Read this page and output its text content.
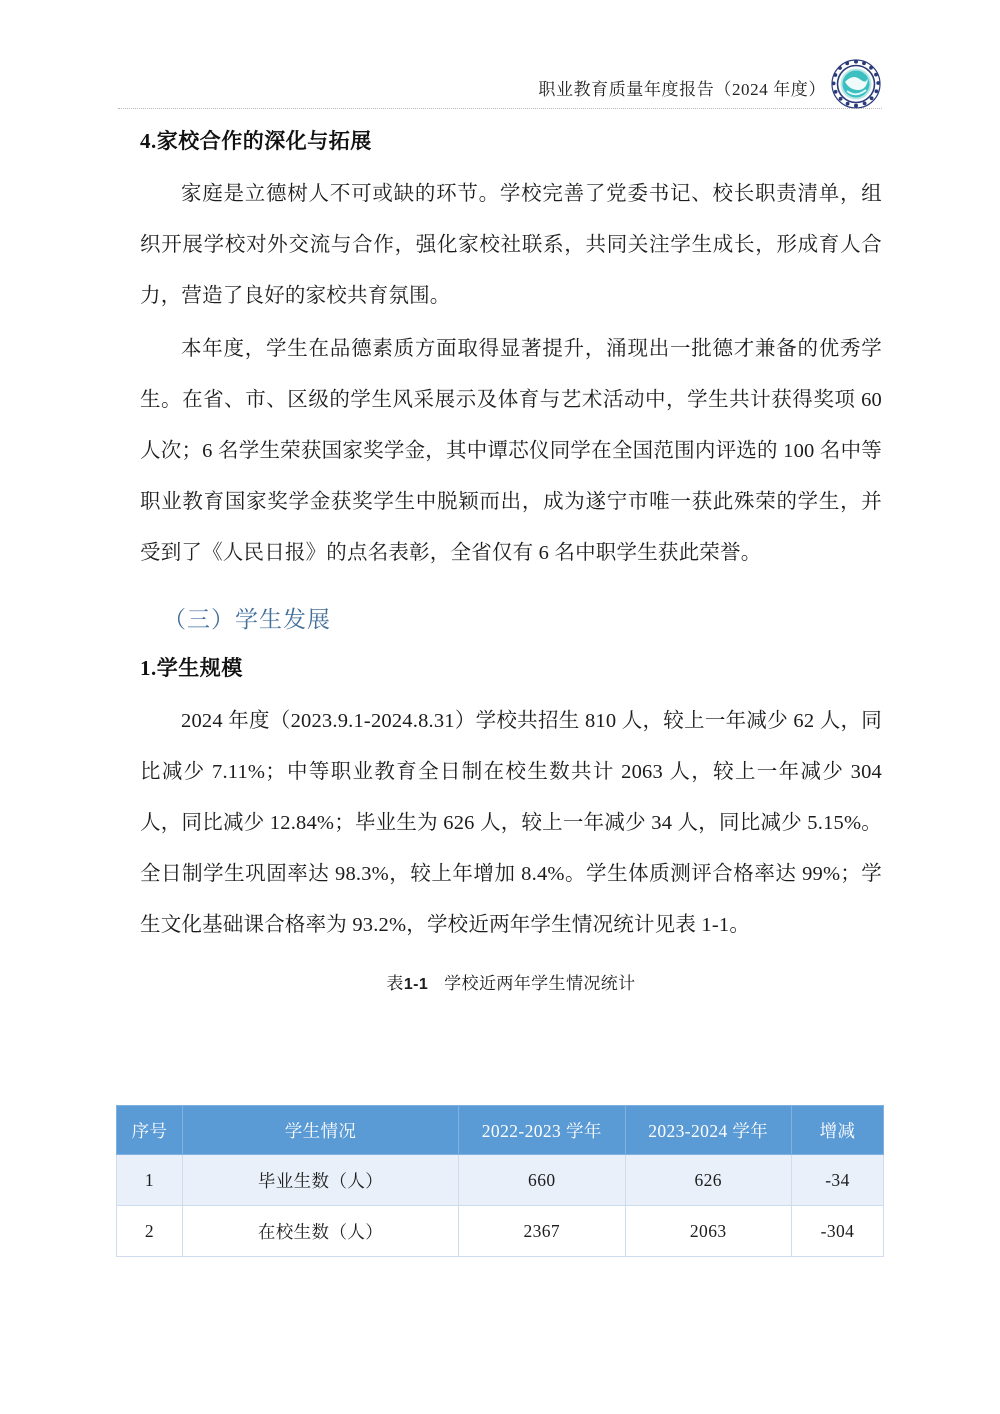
职业教育质量年度报告（2024 年度）
4.家校合作的深化与拓展

家庭是立德树人不可或缺的环节。学校完善了党委书记、校长职责清单，组织开展学校对外交流与合作，强化家校社联系，共同关注学生成长，形成育人合力，营造了良好的家校共育氛围。

本年度，学生在品德素质方面取得显著提升，涌现出一批德才兼备的优秀学生。在省、市、区级的学生风采展示及体育与艺术活动中，学生共计获得奖项 60 人次；6 名学生荣获国家奖学金，其中谭芯仪同学在全国范围内评选的 100 名中等职业教育国家奖学金获奖学生中脱颖而出，成为遂宁市唯一获此殊荣的学生，并受到了《人民日报》的点名表彰，全省仅有 6 名中职学生获此荣誉。

（三）学生发展
1.学生规模

2024 年度（2023.9.1-2024.8.31）学校共招生 810 人，较上一年减少 62 人，同比减少 7.11%；中等职业教育全日制在校生数共计 2063 人，较上一年减少 304 人，同比减少 12.84%；毕业生为 626 人，较上一年减少 34 人，同比减少 5.15%。全日制学生巩固率达 98.3%，较上年增加 8.4%。学生体质测评合格率达 99%；学生文化基础课合格率为 93.2%，学校近两年学生情况统计见表 1-1。

表1-1 学校近两年学生情况统计
序号	学生情况	2022-2023 学年	2023-2024 学年	增减
1	毕业生数（人）	660	626	-34
2	在校生数（人）	2367	2063	-304
